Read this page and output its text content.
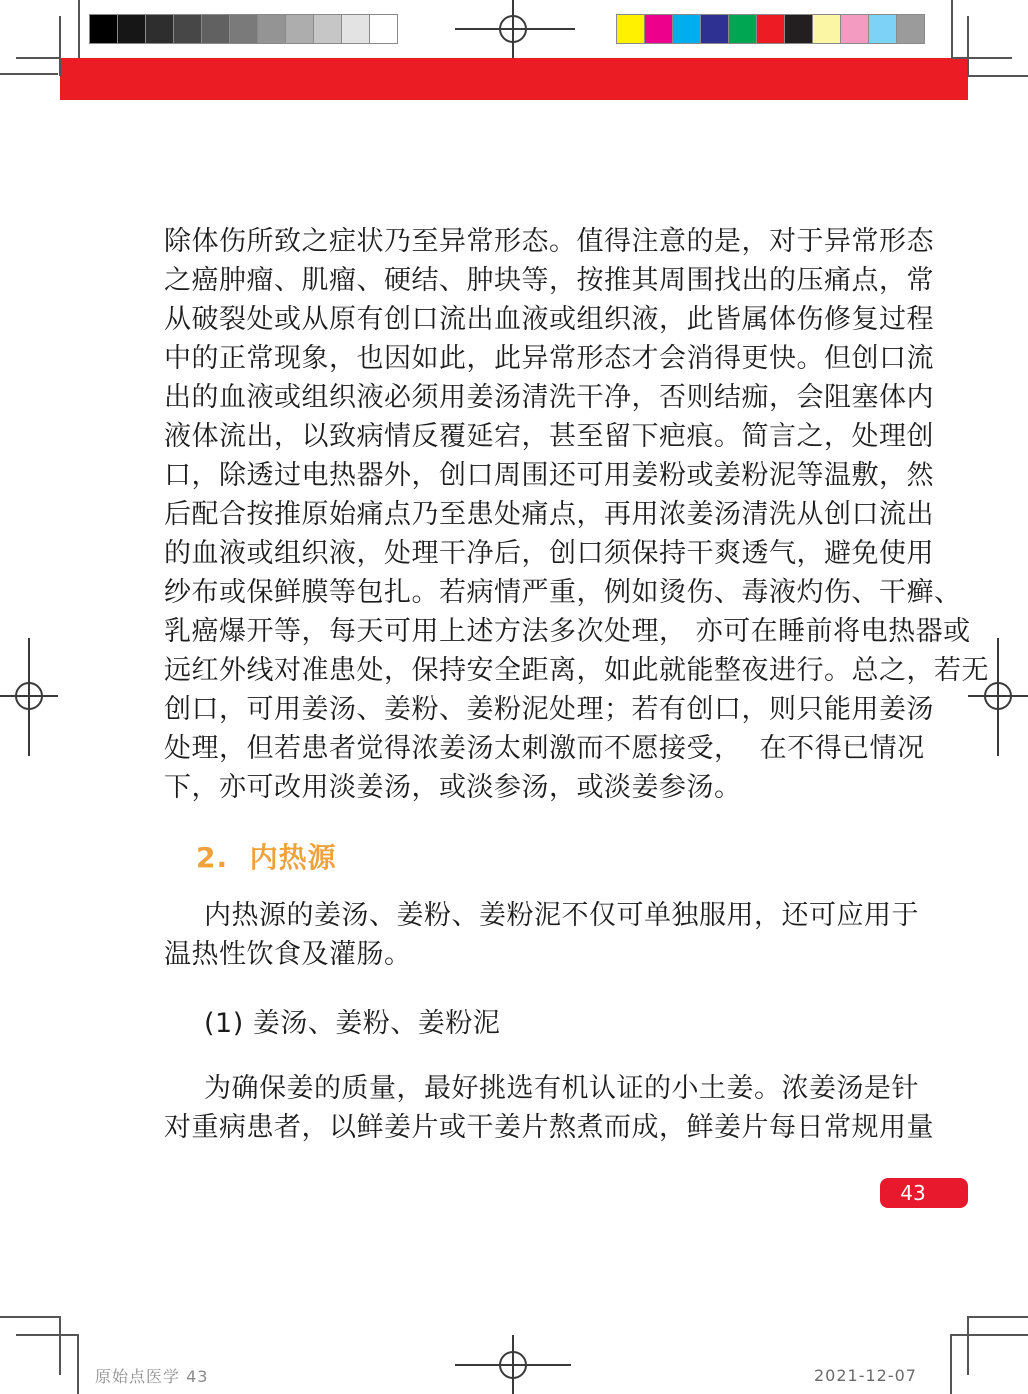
除体伤所致之症状乃至异常形态。值得注意的是，对于异常形态
之癌肿瘤、肌瘤、硬结、肿块等，按推其周围找出的压痛点，常
从破裂处或从原有创口流出血液或组织液，此皆属体伤修复过程
中的正常现象，也因如此，此异常形态才会消得更快。但创口流
出的血液或组织液必须用姜汤清洗干净，否则结痂，会阻塞体内
液体流出，以致病情反覆延宕，甚至留下疤痕。简言之，处理创
口，除透过电热器外，创口周围还可用姜粉或姜粉泥等温敷，然
后配合按推原始痛点乃至患处痛点，再用浓姜汤清洗从创口流出
的血液或组织液，处理干净后，创口须保持干爽透气，避免使用
纱布或保鲜膜等包扎。若病情严重，例如烫伤、毒液灼伤、干癣、
乳癌爆开等，每天可用上述方法多次处理， 亦可在睡前将电热器或
远红外线对准患处，保持安全距离，如此就能整夜进行。总之，若无
创口，可用姜汤、姜粉、姜粉泥处理；若有创口，则只能用姜汤
处理，但若患者觉得浓姜汤太刺激而不愿接受，  在不得已情况
下，亦可改用淡姜汤，或淡参汤，或淡姜参汤。
2.  内热源
内热源的姜汤、姜粉、姜粉泥不仅可单独服用，还可应用于
温热性饮食及灌肠。
(1) 姜汤、姜粉、姜粉泥
为确保姜的质量，最好挑选有机认证的小土姜。浓姜汤是针
对重病患者，以鲜姜片或干姜片熬煮而成，鲜姜片每日常规用量
43
原始点医学 43	2021-12-07
